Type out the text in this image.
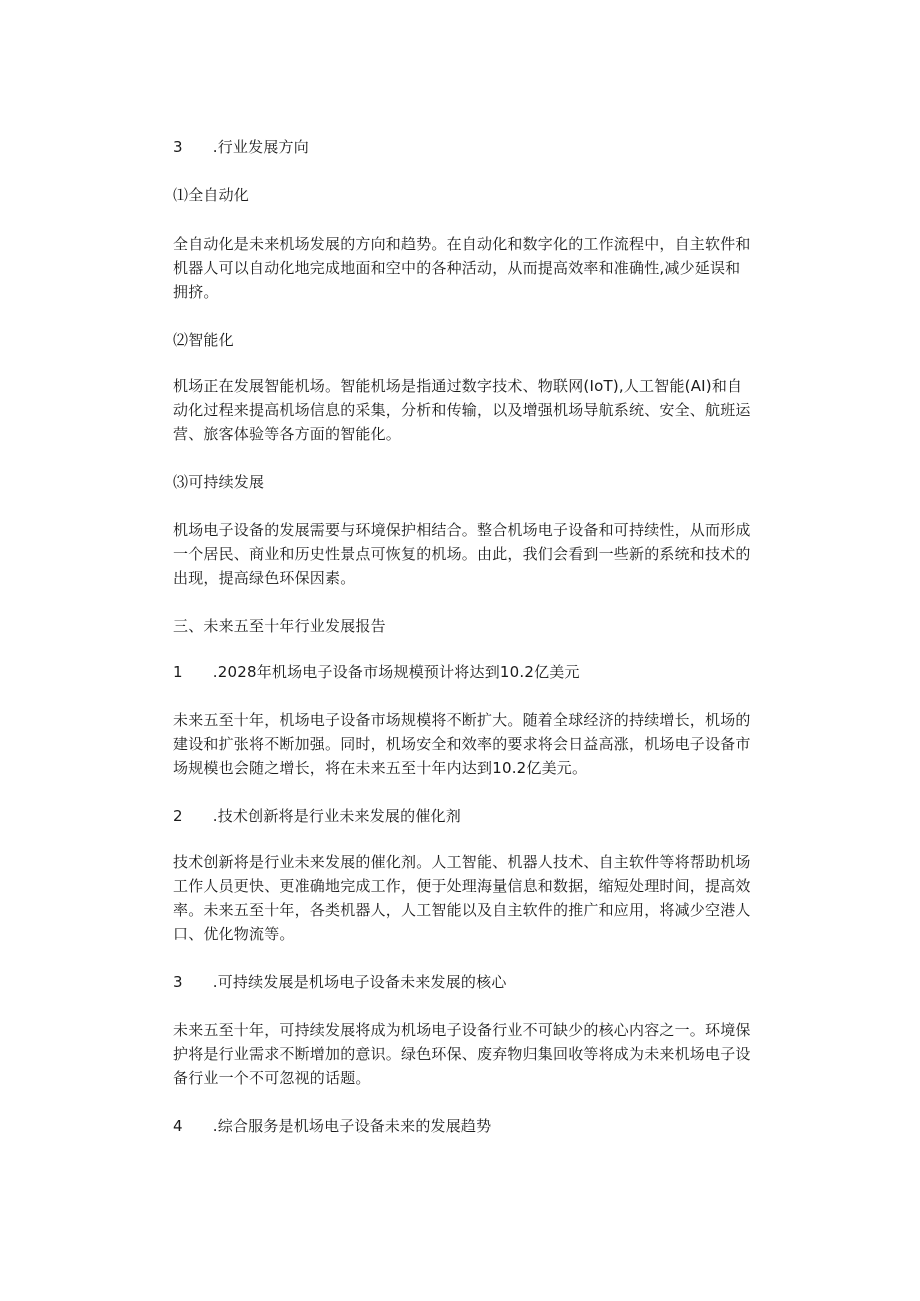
3	.行业发展方向

⑴全自动化

全自动化是未来机场发展的方向和趋势。在自动化和数字化的工作流程中，自主软件和机器人可以自动化地完成地面和空中的各种活动，从而提高效率和准确性,减少延误和拥挤。

⑵智能化

机场正在发展智能机场。智能机场是指通过数字技术、物联网(IoT),人工智能(AI)和自动化过程来提高机场信息的采集，分析和传输，以及增强机场导航系统、安全、航班运营、旅客体验等各方面的智能化。

⑶可持续发展

机场电子设备的发展需要与环境保护相结合。整合机场电子设备和可持续性，从而形成一个居民、商业和历史性景点可恢复的机场。由此，我们会看到一些新的系统和技术的出现，提高绿色环保因素。

三、未来五至十年行业发展报告

1	.2028年机场电子设备市场规模预计将达到10.2亿美元

未来五至十年，机场电子设备市场规模将不断扩大。随着全球经济的持续增长，机场的建设和扩张将不断加强。同时，机场安全和效率的要求将会日益高涨，机场电子设备市场规模也会随之增长，将在未来五至十年内达到10.2亿美元。

2	.技术创新将是行业未来发展的催化剂

技术创新将是行业未来发展的催化剂。人工智能、机器人技术、自主软件等将帮助机场工作人员更快、更准确地完成工作，便于处理海量信息和数据，缩短处理时间，提高效率。未来五至十年，各类机器人，人工智能以及自主软件的推广和应用，将减少空港人口、优化物流等。

3	.可持续发展是机场电子设备未来发展的核心

未来五至十年，可持续发展将成为机场电子设备行业不可缺少的核心内容之一。环境保护将是行业需求不断增加的意识。绿色环保、废弃物归集回收等将成为未来机场电子设备行业一个不可忽视的话题。

4	.综合服务是机场电子设备未来的发展趋势
